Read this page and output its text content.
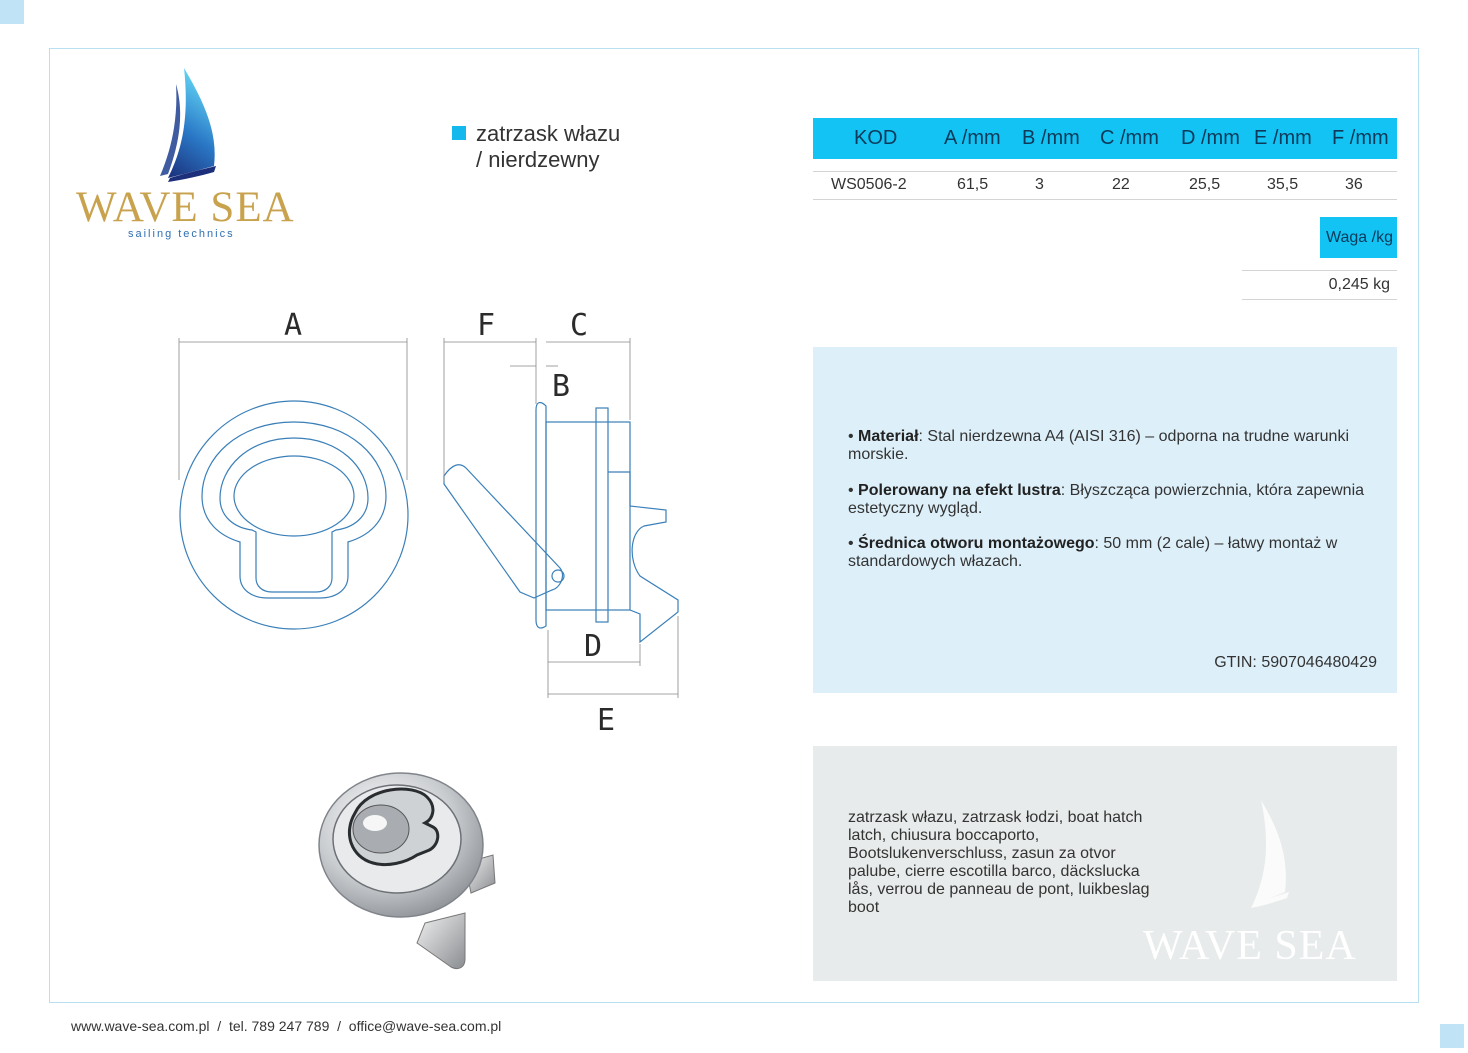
WAVE SEA
sailing technics
zatrzask włazu
/ nierdzewny
KOD A /mm B /mm C /mm D /mm E /mm F /mm
WS0506-2	61,5	3	22	25,5	35,5	36
Waga /kg
0,245 kg
A	F C
B
D
E
• Materiał: Stal nierdzewna A4 (AISI 316) – odporna na trudne warunki morskie.
• Polerowany na efekt lustra: Błyszcząca powierzchnia, która zapewnia estetyczny wygląd.
• Średnica otworu montażowego: 50 mm (2 cale) – łatwy montaż w standardowych włazach.
GTIN: 5907046480429
zatrzask włazu, zatrzask łodzi, boat hatch latch, chiusura boccaporto, Bootslukenverschluss, zasun za otvor palube, cierre escotilla barco, däckslucka lås, verrou de panneau de pont, luikbeslag boot
WAVE SEA
www.wave-sea.com.pl  /  tel. 789 247 789  /  office@wave-sea.com.pl
